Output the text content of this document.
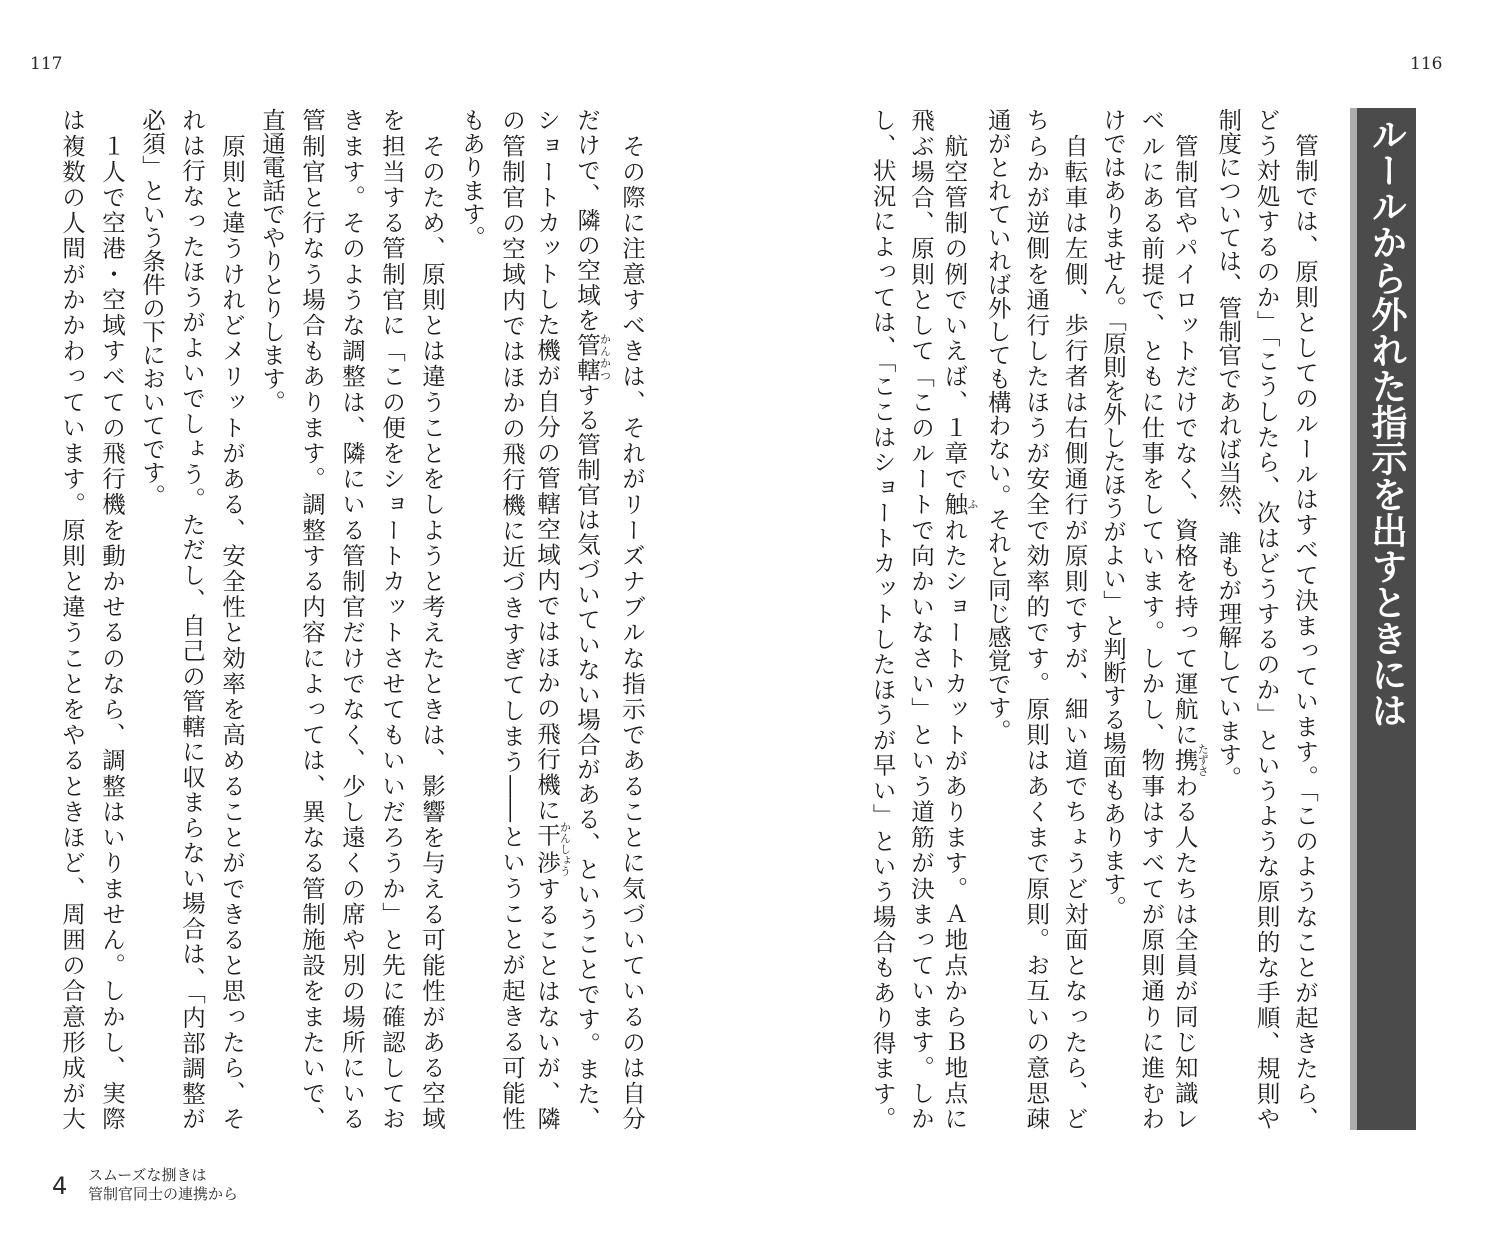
117
　その際に注意すべきは、それがリーズナブルな指示であることに気づいているのは自分
だけで、隣の空域を管轄かんかつする管制官は気づいていない場合がある、ということです。また、
ショートカットした機が自分の管轄空域内ではほかの飛行機に干渉かんしょうすることはないが、隣
の管制官の空域内ではほかの飛行機に近づきすぎてしまう――ということが起きる可能性
もあります。
　そのため、原則とは違うことをしようと考えたときは、影響を与える可能性がある空域
を担当する管制官に「この便をショートカットさせてもいいだろうか」と先に確認してお
きます。そのような調整は、隣にいる管制官だけでなく、少し遠くの席や別の場所にいる
管制官と行なう場合もあります。調整する内容によっては、異なる管制施設をまたいで、
直通電話でやりとりします。
　原則と違うけれどメリットがある、安全性と効率を高めることができると思ったら、そ
れは行なったほうがよいでしょう。ただし、自己の管轄に収まらない場合は、「内部調整が
必須」という条件の下においてです。
　１人で空港・空域すべての飛行機を動かせるのなら、調整はいりません。しかし、実際
は複数の人間がかかわっています。原則と違うことをやるときほど、周囲の合意形成が大
4 スムーズな捌きは
管制官同士の連携から
116
ルールから外れた指示を出すときには
　管制では、原則としてのルールはすべて決まっています。「このようなことが起きたら、
どう対処するのか」「こうしたら、次はどうするのか」というような原則的な手順、規則や
制度については、管制官であれば当然、誰もが理解しています。
　管制官やパイロットだけでなく、資格を持って運航に携たずさわる人たちは全員が同じ知識レ
ベルにある前提で、ともに仕事をしています。しかし、物事はすべてが原則通りに進むわ
けではありません。「原則を外したほうがよい」と判断する場面もあります。
　自転車は左側、歩行者は右側通行が原則ですが、細い道でちょうど対面となったら、ど
ちらかが逆側を通行したほうが安全で効率的です。原則はあくまで原則。お互いの意思疎
通がとれていれば外しても構わない。それと同じ感覚です。
　航空管制の例でいえば、１章で触ふれたショートカットがあります。Ａ地点からＢ地点に
飛ぶ場合、原則として「このルートで向かいなさい」という道筋が決まっています。しか
し、状況によっては、「ここはショートカットしたほうが早い」という場合もあり得ます。
